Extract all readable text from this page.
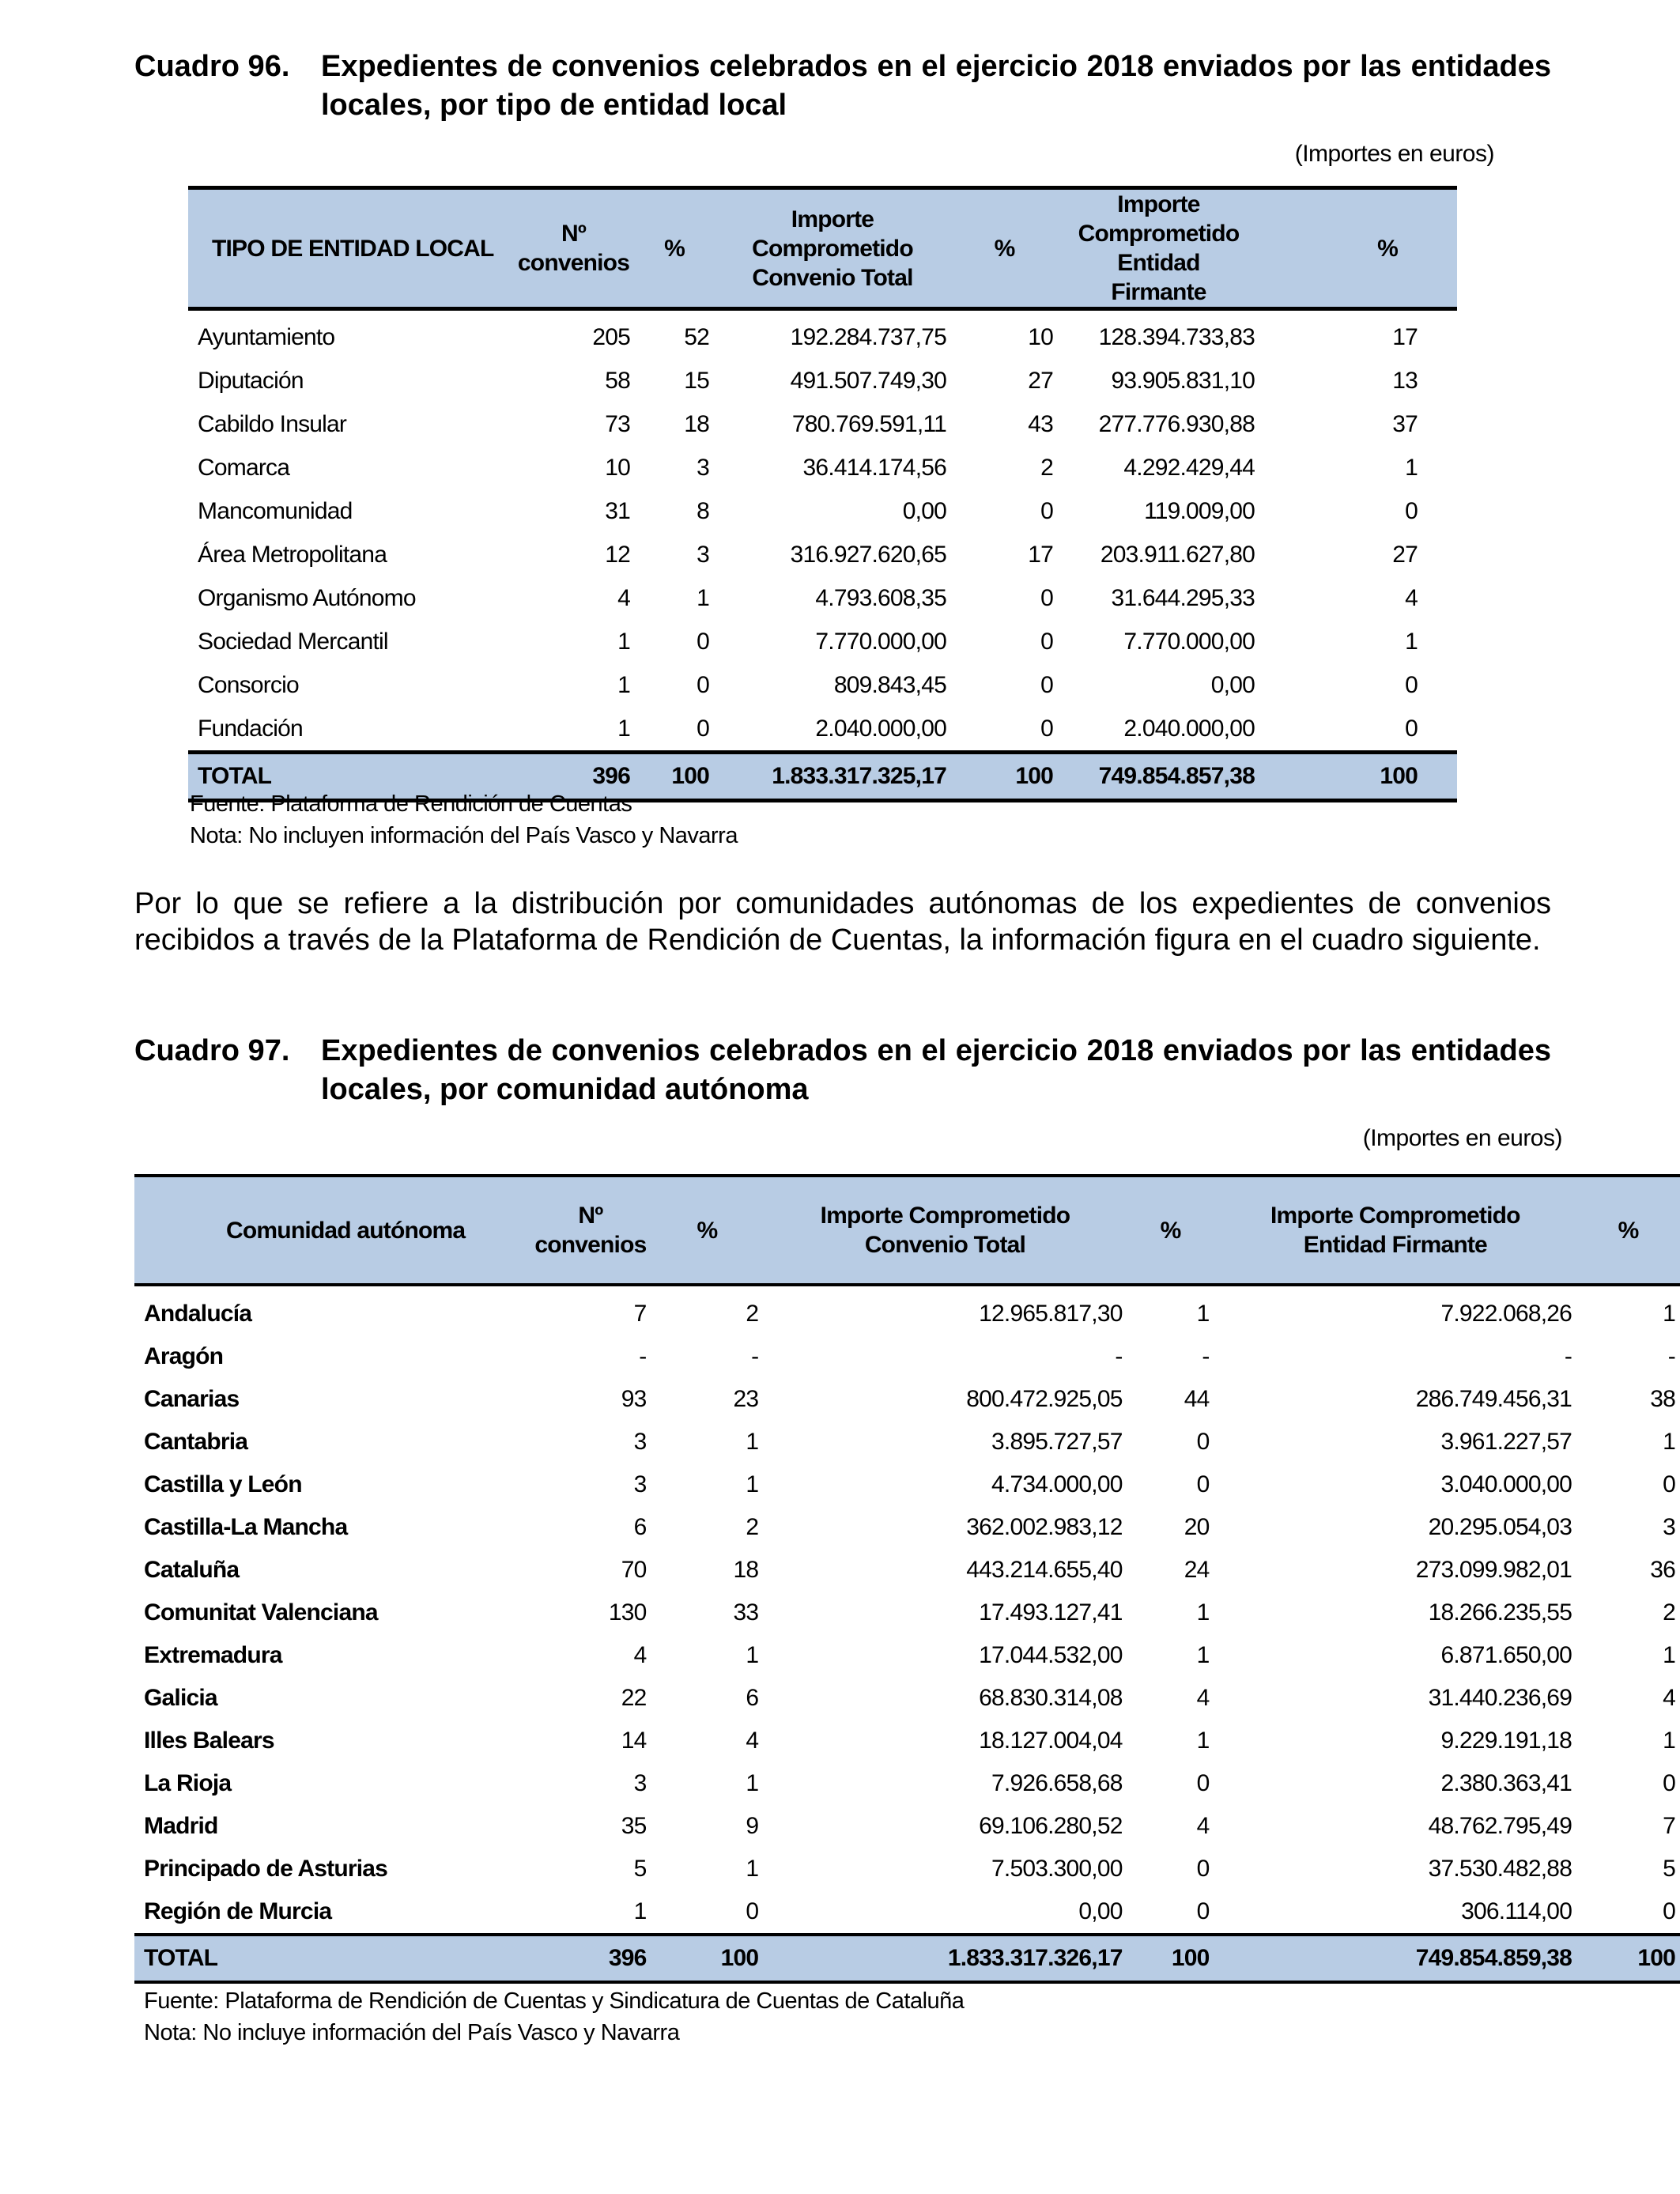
Cuadro 96. Expedientes de convenios celebrados en el ejercicio 2018 enviados por las entidades locales, por tipo de entidad local
(Importes en euros)
TIPO DE ENTIDAD LOCAL	Nº convenios	%	Importe Comprometido Convenio Total	%	Importe Comprometido Entidad Firmante	%
Ayuntamiento	205	52	192.284.737,75	10	128.394.733,83	17
Diputación	58	15	491.507.749,30	27	93.905.831,10	13
Cabildo Insular	73	18	780.769.591,11	43	277.776.930,88	37
Comarca	10	3	36.414.174,56	2	4.292.429,44	1
Mancomunidad	31	8	0,00	0	119.009,00	0
Área Metropolitana	12	3	316.927.620,65	17	203.911.627,80	27
Organismo Autónomo	4	1	4.793.608,35	0	31.644.295,33	4
Sociedad Mercantil	1	0	7.770.000,00	0	7.770.000,00	1
Consorcio	1	0	809.843,45	0	0,00	0
Fundación	1	0	2.040.000,00	0	2.040.000,00	0
TOTAL	396	100	1.833.317.325,17	100	749.854.857,38	100
Fuente: Plataforma de Rendición de Cuentas
Nota: No incluyen información del País Vasco y Navarra
Por lo que se refiere a la distribución por comunidades autónomas de los expedientes de convenios recibidos a través de la Plataforma de Rendición de Cuentas, la información figura en el cuadro siguiente.
Cuadro 97. Expedientes de convenios celebrados en el ejercicio 2018 enviados por las entidades locales, por comunidad autónoma
(Importes en euros)
Comunidad autónoma	Nº convenios	%	Importe Comprometido Convenio Total	%	Importe Comprometido Entidad Firmante	%
Andalucía	7	2	12.965.817,30	1	7.922.068,26	1
Aragón	-	-	-	-	-	-
Canarias	93	23	800.472.925,05	44	286.749.456,31	38
Cantabria	3	1	3.895.727,57	0	3.961.227,57	1
Castilla y León	3	1	4.734.000,00	0	3.040.000,00	0
Castilla-La Mancha	6	2	362.002.983,12	20	20.295.054,03	3
Cataluña	70	18	443.214.655,40	24	273.099.982,01	36
Comunitat Valenciana	130	33	17.493.127,41	1	18.266.235,55	2
Extremadura	4	1	17.044.532,00	1	6.871.650,00	1
Galicia	22	6	68.830.314,08	4	31.440.236,69	4
Illes Balears	14	4	18.127.004,04	1	9.229.191,18	1
La Rioja	3	1	7.926.658,68	0	2.380.363,41	0
Madrid	35	9	69.106.280,52	4	48.762.795,49	7
Principado de Asturias	5	1	7.503.300,00	0	37.530.482,88	5
Región de Murcia	1	0	0,00	0	306.114,00	0
TOTAL	396	100	1.833.317.326,17	100	749.854.859,38	100
Fuente: Plataforma de Rendición de Cuentas y Sindicatura de Cuentas de Cataluña
Nota: No incluye información del País Vasco y Navarra
